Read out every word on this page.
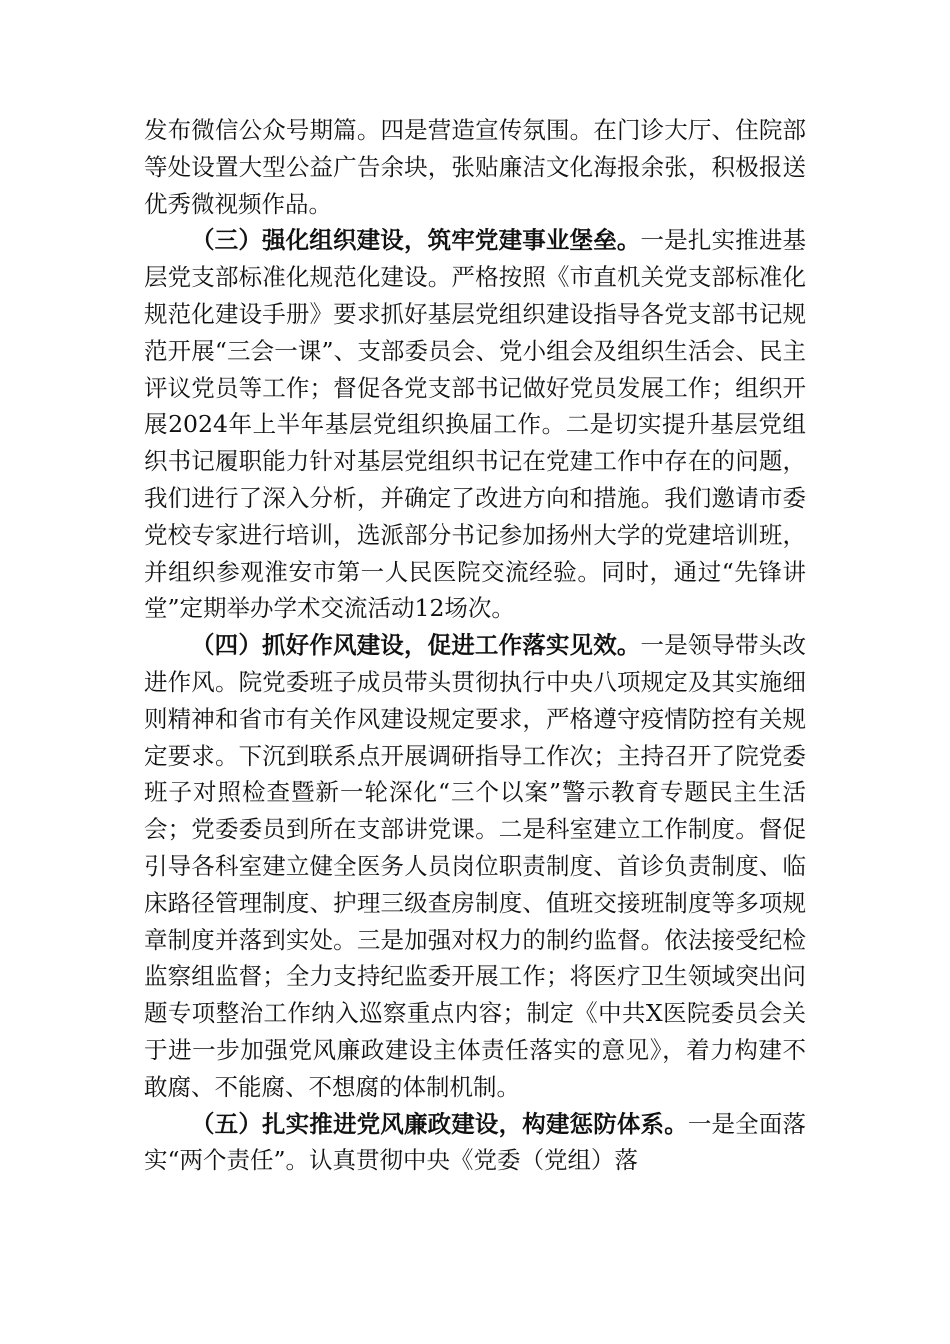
发布微信公众号期篇。四是营造宣传氛围。在门诊大厅、住院部等处设置大型公益广告余块，张贴廉洁文化海报余张，积极报送优秀微视频作品。

（三）强化组织建设，筑牢党建事业堡垒。一是扎实推进基层党支部标准化规范化建设。严格按照《市直机关党支部标准化规范化建设手册》要求抓好基层党组织建设指导各党支部书记规范开展“三会一课”、支部委员会、党小组会及组织生活会、民主评议党员等工作；督促各党支部书记做好党员发展工作；组织开展2024年上半年基层党组织换届工作。二是切实提升基层党组织书记履职能力针对基层党组织书记在党建工作中存在的问题，我们进行了深入分析，并确定了改进方向和措施。我们邀请市委党校专家进行培训，选派部分书记参加扬州大学的党建培训班，并组织参观淮安市第一人民医院交流经验。同时，通过“先锋讲堂”定期举办学术交流活动12场次。

（四）抓好作风建设，促进工作落实见效。一是领导带头改进作风。院党委班子成员带头贯彻执行中央八项规定及其实施细则精神和省市有关作风建设规定要求，严格遵守疫情防控有关规定要求。下沉到联系点开展调研指导工作次；主持召开了院党委班子对照检查暨新一轮深化“三个以案”警示教育专题民主生活会；党委委员到所在支部讲党课。二是科室建立工作制度。督促引导各科室建立健全医务人员岗位职责制度、首诊负责制度、临床路径管理制度、护理三级查房制度、值班交接班制度等多项规章制度并落到实处。三是加强对权力的制约监督。依法接受纪检监察组监督；全力支持纪监委开展工作；将医疗卫生领域突出问题专项整治工作纳入巡察重点内容；制定《中共X医院委员会关于进一步加强党风廉政建设主体责任落实的意见》，着力构建不敢腐、不能腐、不想腐的体制机制。

（五）扎实推进党风廉政建设，构建惩防体系。一是全面落实“两个责任”。认真贯彻中央《党委（党组）落
